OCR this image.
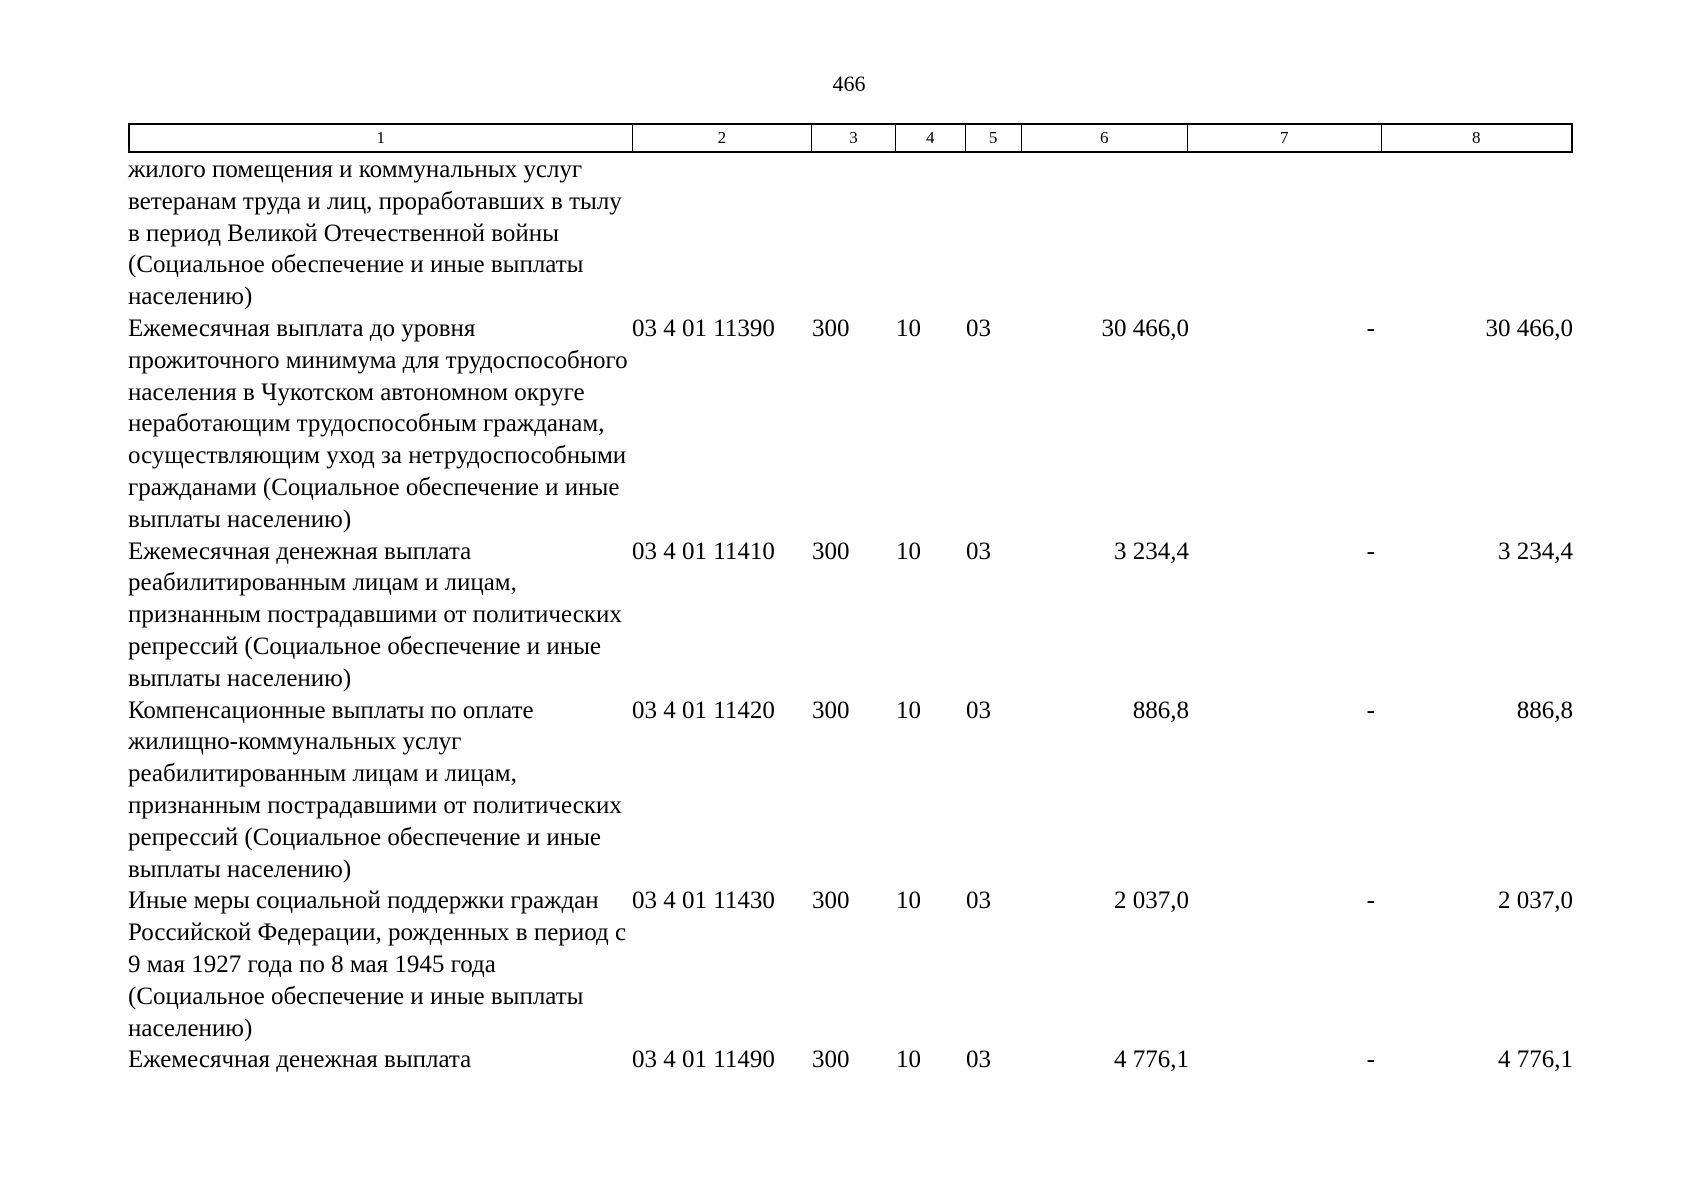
466
1	2	3	4	5	6	7	8
жилого помещения и коммунальных услуг ветеранам труда и лиц, проработавших в тылу в период Великой Отечественной войны (Социальное обеспечение и иные выплаты населению)
Ежемесячная выплата до уровня прожиточного минимума для трудоспособного населения в Чукотском автономном округе неработающим трудоспособным гражданам, осуществляющим уход за нетрудоспособными гражданами (Социальное обеспечение и иные выплаты населению)
03 4 01 11390	300	10	03	30 466,0	-	30 466,0
Ежемесячная денежная выплата реабилитированным лицам и лицам, признанным пострадавшими от политических репрессий (Социальное обеспечение и иные выплаты населению)
03 4 01 11410	300	10	03	3 234,4	-	3 234,4
Компенсационные выплаты по оплате жилищно-коммунальных услуг реабилитированным лицам и лицам, признанным пострадавшими от политических репрессий (Социальное обеспечение и иные выплаты населению)
03 4 01 11420	300	10	03	886,8	-	886,8
Иные меры социальной поддержки граждан Российской Федерации, рожденных в период с 9 мая 1927 года по 8 мая 1945 года (Социальное обеспечение и иные выплаты населению)
03 4 01 11430	300	10	03	2 037,0	-	2 037,0
Ежемесячная денежная выплата	03 4 01 11490	300	10	03	4 776,1	-	4 776,1
